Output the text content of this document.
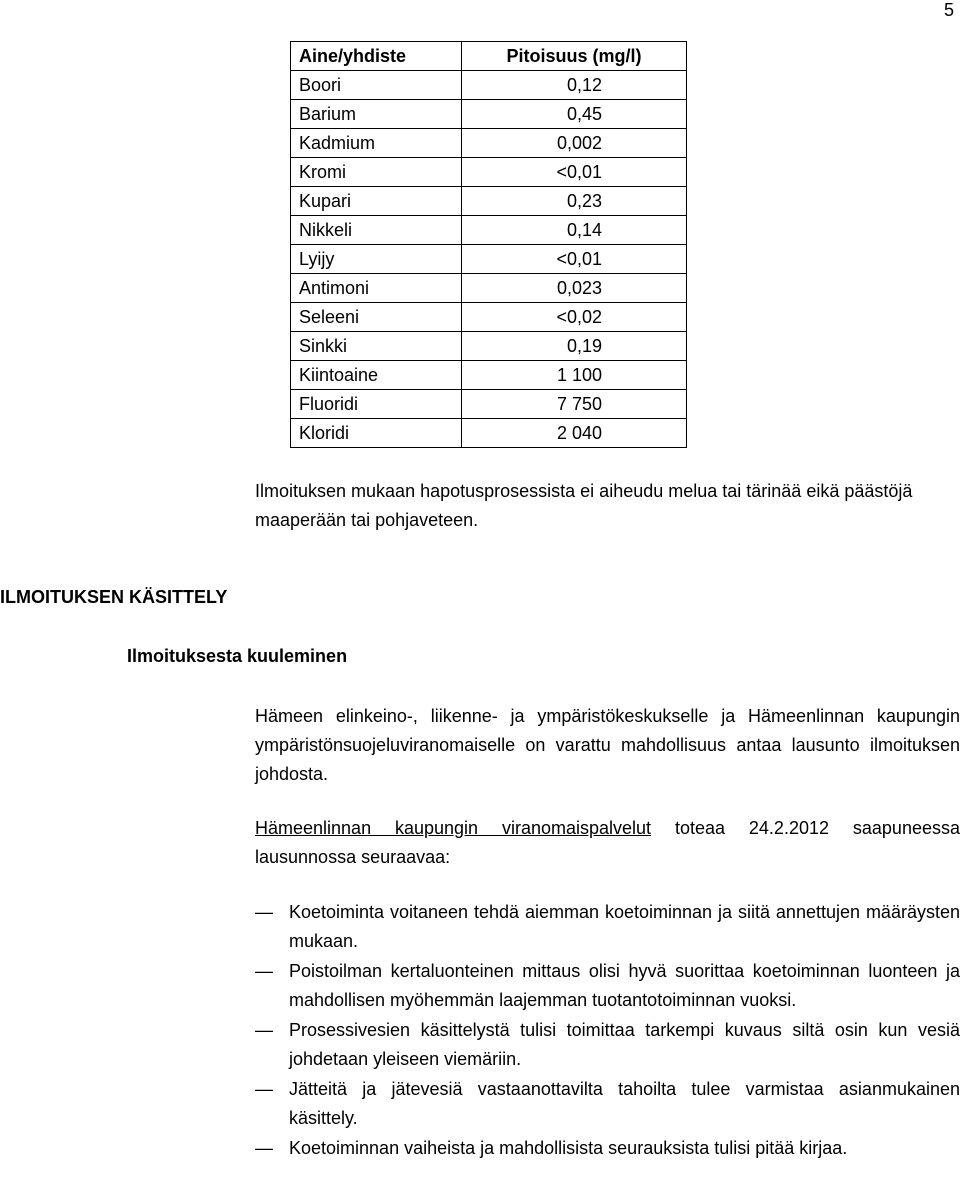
5
Aine/yhdiste	Pitoisuus (mg/l)
Boori	0,12
Barium	0,45
Kadmium	0,002
Kromi	<0,01
Kupari	0,23
Nikkeli	0,14
Lyijy	<0,01
Antimoni	0,023
Seleeni	<0,02
Sinkki	0,19
Kiintoaine	1 100
Fluoridi	7 750
Kloridi	2 040
Ilmoituksen mukaan hapotusprosessista ei aiheudu melua tai tärinää eikä päästöjä maaperään tai pohjaveteen.
ILMOITUKSEN KÄSITTELY
Ilmoituksesta kuuleminen
Hämeen elinkeino-, liikenne- ja ympäristökeskukselle ja Hämeenlinnan kaupungin ympäristönsuojeluviranomaiselle on varattu mahdollisuus antaa lausunto ilmoituksen johdosta.
Hämeenlinnan kaupungin viranomaispalvelut toteaa 24.2.2012 saapuneessa lausunnossa seuraavaa:
— Koetoiminta voitaneen tehdä aiemman koetoiminnan ja siitä annettujen määräysten mukaan.
— Poistoilman kertaluonteinen mittaus olisi hyvä suorittaa koetoiminnan luonteen ja mahdollisen myöhemmän laajemman tuotantotoiminnan vuoksi.
— Prosessivesien käsittelystä tulisi toimittaa tarkempi kuvaus siltä osin kun vesiä johdetaan yleiseen viemäriin.
— Jätteitä ja jätevesiä vastaanottavilta tahoilta tulee varmistaa asianmukainen käsittely.
— Koetoiminnan vaiheista ja mahdollisista seurauksista tulisi pitää kirjaa.
